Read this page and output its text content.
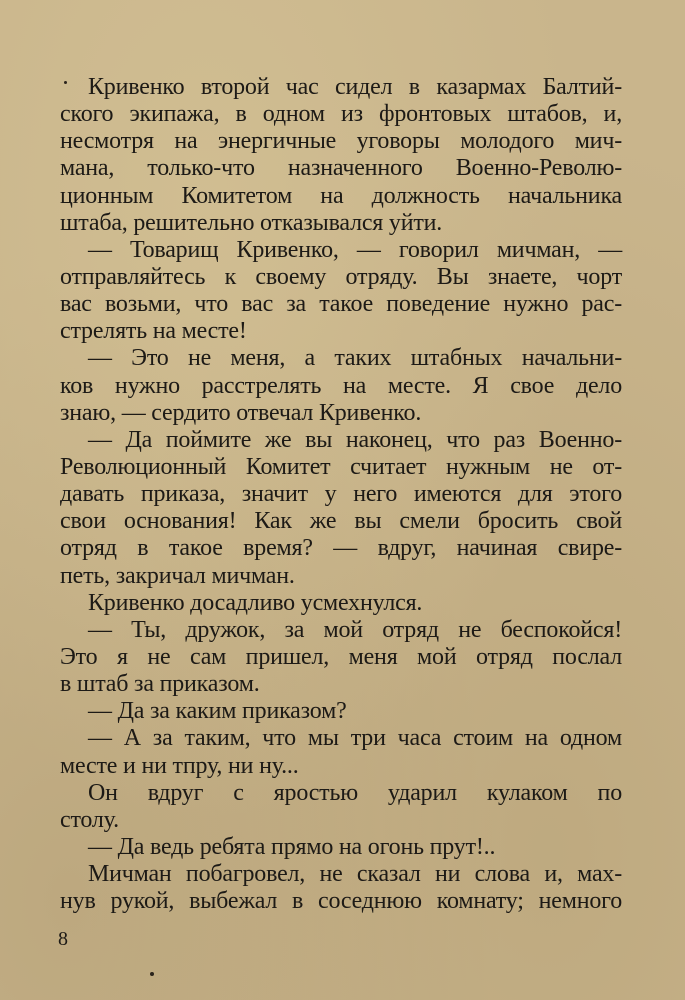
Кривенко второй час сидел в казармах Балтий-
ского экипажа, в одном из фронтовых штабов, и,
несмотря на энергичные уговоры молодого мич-
мана, только-что назначенного Военно-Револю-
ционным Комитетом на должность начальника
штаба, решительно отказывался уйти.
— Товарищ Кривенко, — говорил мичман, —
отправляйтесь к своему отряду. Вы знаете, чорт
вас возьми, что вас за такое поведение нужно рас-
стрелять на месте!
— Это не меня, а таких штабных начальни-
ков нужно расстрелять на месте. Я свое дело
знаю, — сердито отвечал Кривенко.
— Да поймите же вы наконец, что раз Военно-
Революционный Комитет считает нужным не от-
давать приказа, значит у него имеются для этого
свои основания! Как же вы смели бросить свой
отряд в такое время? — вдруг, начиная свире-
петь, закричал мичман.
Кривенко досадливо усмехнулся.
— Ты, дружок, за мой отряд не беспокойся!
Это я не сам пришел, меня мой отряд послал
в штаб за приказом.
— Да за каким приказом?
— А за таким, что мы три часа стоим на одном
месте и ни тпру, ни ну...
Он вдруг с яростью ударил кулаком по
столу.
— Да ведь ребята прямо на огонь прут!..
Мичман побагровел, не сказал ни слова и, мах-
нув рукой, выбежал в соседнюю комнату; немного
8
